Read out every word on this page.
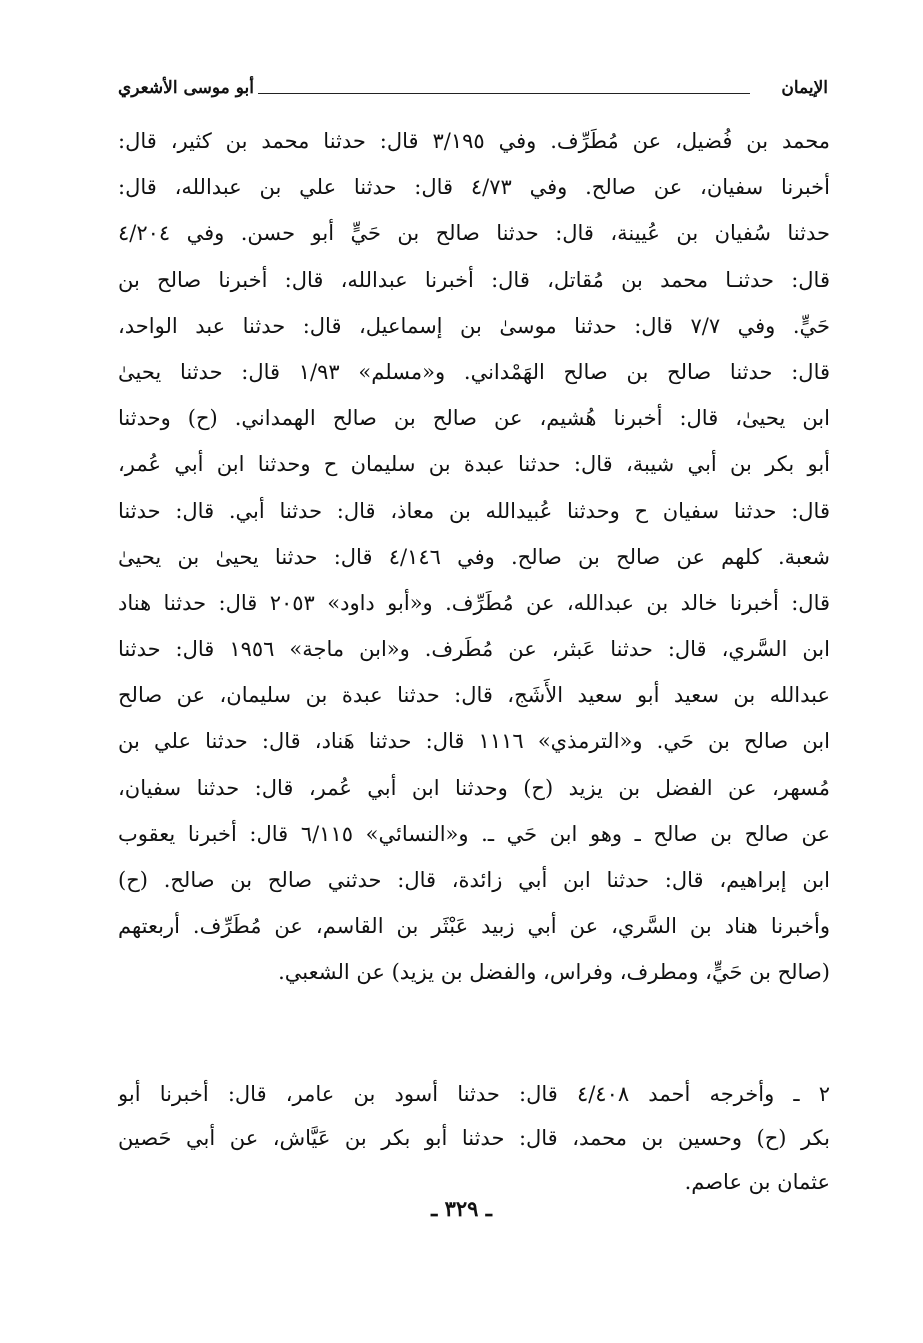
الإيمان
أبو موسى الأشعري
محمد بن فُضيل، عن مُطَرِّف. وفي ٣/١٩٥ قال: حدثنا محمد بن كثير، قال:
أخبرنا سفيان، عن صالح. وفي ٤/٧٣ قال: حدثنا علي بن عبدالله، قال:
حدثنا سُفيان بن عُيينة، قال: حدثنا صالح بن حَيٍّ أبو حسن. وفي ٤/٢٠٤
قال: حدثنـا محمد بن مُقاتل، قال: أخبرنا عبدالله، قال: أخبرنا صالح بن
حَيٍّ. وفي ٧/٧ قال: حدثنا موسىٰ بن إسماعيل، قال: حدثنا عبد الواحد،
قال: حدثنا صالح بن صالح الهَمْداني. و«مسلم» ١/٩٣ قال: حدثنا يحيىٰ
ابن يحيىٰ، قال: أخبرنا هُشيم، عن صالح بن صالح الهمداني. (ح) وحدثنا
أبو بكر بن أبي شيبة، قال: حدثنا عبدة بن سليمان ح وحدثنا ابن أبي عُمر،
قال: حدثنا سفيان ح وحدثنا عُبيدالله بن معاذ، قال: حدثنا أبي. قال: حدثنا
شعبة. كلهم عن صالح بن صالح. وفي ٤/١٤٦ قال: حدثنا يحيىٰ بن يحيىٰ
قال: أخبرنا خالد بن عبدالله، عن مُطَرِّف. و«أبو داود» ٢٠٥٣ قال: حدثنا هناد
ابن السَّري، قال: حدثنا عَبثر، عن مُطَرف. و«ابن ماجة» ١٩٥٦ قال: حدثنا
عبدالله بن سعيد أبو سعيد الأَشَج، قال: حدثنا عبدة بن سليمان، عن صالح
ابن صالح بن حَي. و«الترمذي» ١١١٦ قال: حدثنا هَناد، قال: حدثنا علي بن
مُسهر، عن الفضل بن يزيد (ح) وحدثنا ابن أبي عُمر، قال: حدثنا سفيان،
عن صالح بن صالح ـ وهو ابن حَي ـ. و«النسائي» ٦/١١٥ قال: أخبرنا يعقوب
ابن إبراهيم، قال: حدثنا ابن أبي زائدة، قال: حدثني صالح بن صالح. (ح)
وأخبرنا هناد بن السَّري، عن أبي زبيد عَبْثَر بن القاسم، عن مُطَرِّف. أربعتهم
(صالح بن حَيٍّ، ومطرف، وفراس، والفضل بن يزيد) عن الشعبي.
٢ ـ وأخرجه أحمد ٤/٤٠٨ قال: حدثنا أسود بن عامر، قال: أخبرنا أبو
بكر (ح) وحسين بن محمد، قال: حدثنا أبو بكر بن عَيَّاش، عن أبي حَصين
عثمان بن عاصم.
ـ ٣٢٩ ـ
